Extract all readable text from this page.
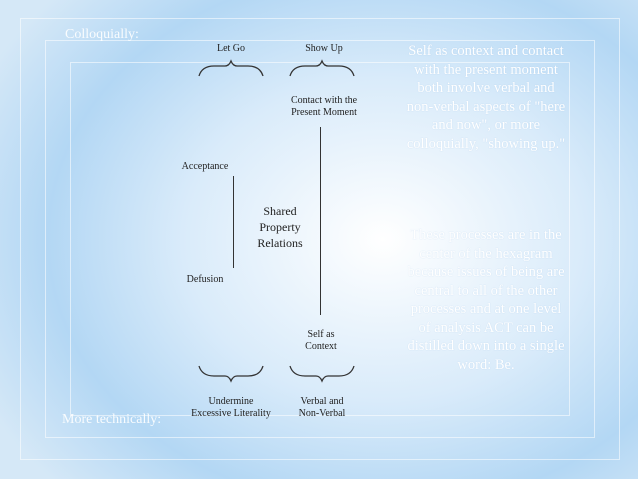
Colloquially:
More technically:
Let Go	Show Up
Contact with the
Present Moment
Acceptance
Defusion
Shared
Property
Relations
Self as
Context
Undermine
Excessive Literality
Verbal and
Non-Verbal
Self as context and contact with the present moment both involve verbal and non-verbal aspects of "here and now", or more colloquially, "showing up."
These processes are in the center of the hexagram because issues of being are central to all of the other processes and at one level of analysis ACT can be distilled down into a single word: Be.
